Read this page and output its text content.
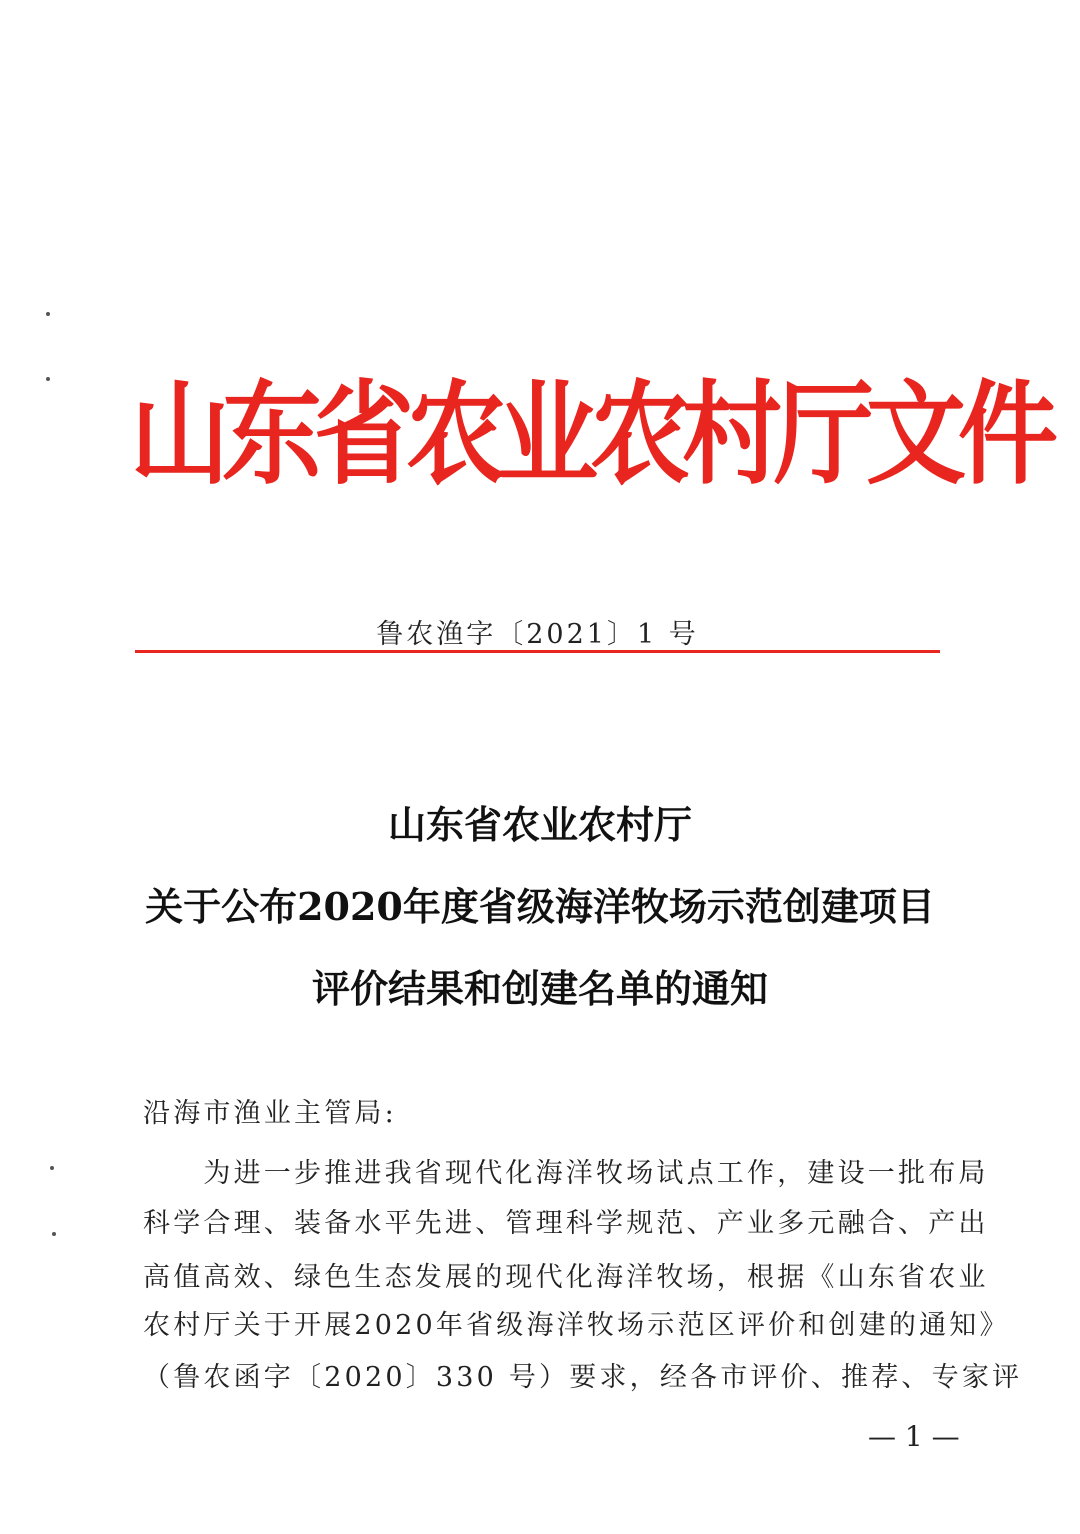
山东省农业农村厅文件
鲁农渔字〔2021〕1 号
山东省农业农村厅
关于公布2020年度省级海洋牧场示范创建项目
评价结果和创建名单的通知
沿海市渔业主管局:
　　为进一步推进我省现代化海洋牧场试点工作，建设一批布局
科学合理、装备水平先进、管理科学规范、产业多元融合、产出
高值高效、绿色生态发展的现代化海洋牧场，根据《山东省农业
农村厅关于开展2020年省级海洋牧场示范区评价和创建的通知》
（鲁农函字〔2020〕330 号）要求，经各市评价、推荐、专家评
— 1 —
